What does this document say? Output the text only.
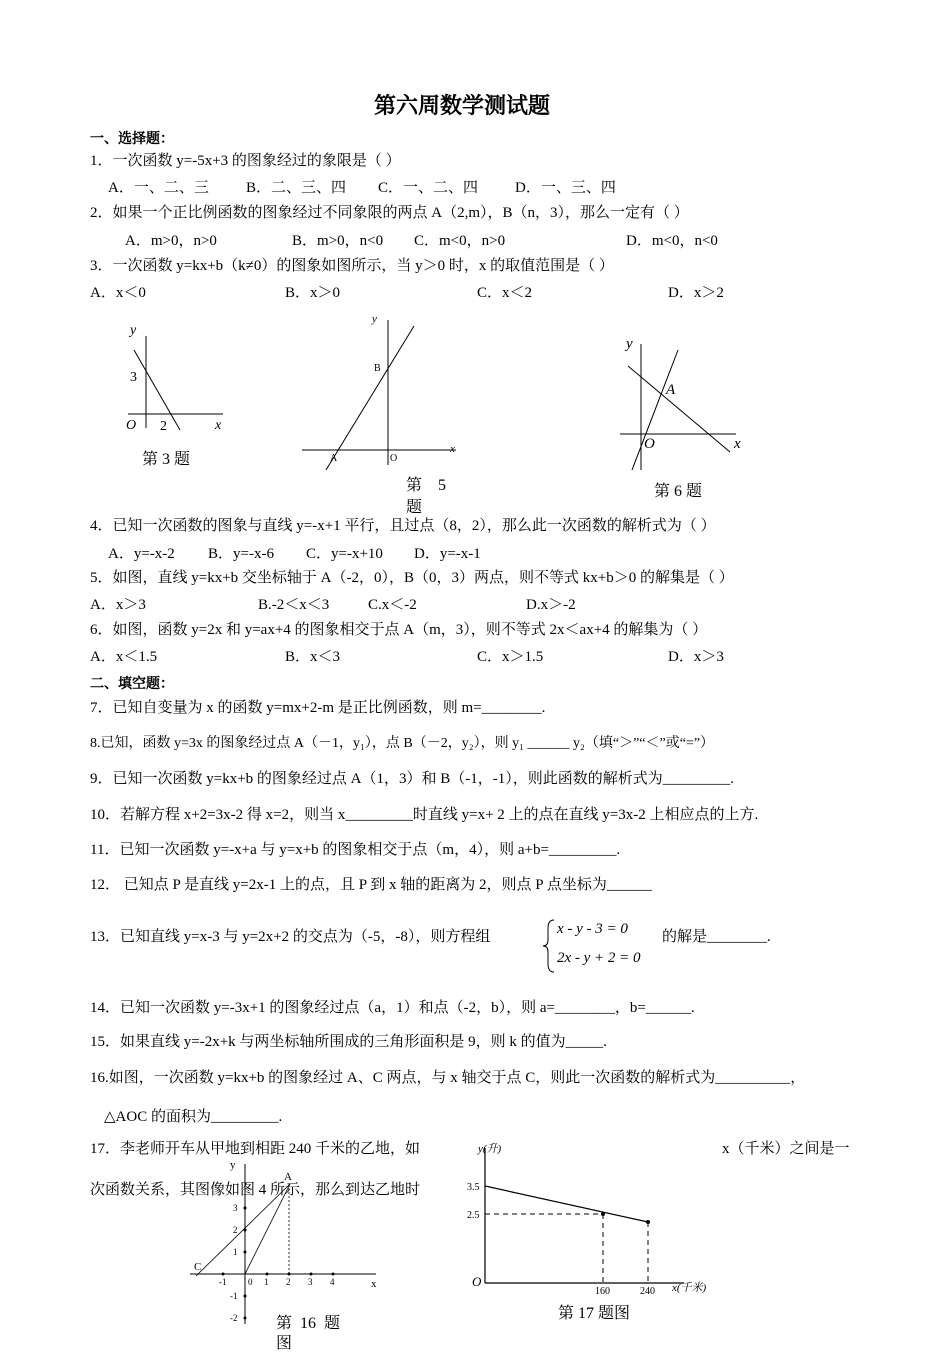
第六周数学测试题
一、选择题：
1．一次函数 y=-5x+3 的图象经过的象限是（ ）
A．一、二、三 B．二、三、四 C．一、二、四 D．一、三、四
2．如果一个正比例函数的图象经过不同象限的两点 A（2,m），B（n，3），那么一定有（ ）
A．m>0，n>0	B．m>0，n<0 C．m<0，n>0	D．m<0，n<0
3．一次函数 y=kx+b（k≠0）的图象如图所示，当 y＞0 时，x 的取值范围是（ ）
A．x＜0	B．x＞0	C．x＜2	D．x＞2
y
x
O
3
2
第 3 题
y
x
O
A
B
第    5
题
y
x
O
A
第 6 题
4．已知一次函数的图象与直线 y=-x+1 平行，且过点（8，2），那么此一次函数的解析式为（ ）
A．y=-x-2 B．y=-x-6 C．y=-x+10 D．y=-x-1
5．如图，直线 y=kx+b 交坐标轴于 A（-2，0），B（0，3）两点，则不等式 kx+b＞0 的解集是（ ）
A．x＞3	B.-2＜x＜3	C.x＜-2	D.x＞-2
6．如图，函数 y=2x 和 y=ax+4 的图象相交于点 A（m，3），则不等式 2x＜ax+4 的解集为（ ）
A．x＜1.5	B．x＜3	C．x＞1.5	D．x＞3
二、填空题：
7．已知自变量为 x 的函数 y=mx+2-m 是正比例函数，则 m=________.
8.已知，函数 y=3x 的图象经过点 A（－1，y₁），点 B（－2，y₂），则 y₁ ______ y₂（填“＞”“＜”或“=”）
9．已知一次函数 y=kx+b 的图象经过点 A（1，3）和 B（-1，-1），则此函数的解析式为_________.
10．若解方程 x+2=3x-2 得 x=2，则当 x_________时直线 y=x+ 2 上的点在直线 y=3x-2 上相应点的上方.
11．已知一次函数 y=-x+a 与 y=x+b 的图象相交于点（m，4），则 a+b=_________.
12． 已知点 P 是直线 y=2x-1 上的点，且 P 到 x 轴的距离为 2，则点 P 点坐标为______
13．已知直线 y=x-3 与 y=2x+2 的交点为（-5，-8），则方程组	x - y - 3 = 0
2x - y + 2 = 0
的解是________.
14．已知一次函数 y=-3x+1 的图象经过点（a，1）和点（-2，b），则 a=________，b=______.
15．如果直线 y=-2x+k 与两坐标轴所围成的三角形面积是 9，则 k 的值为_____.
16.如图，一次函数 y=kx+b 的图象经过 A、C 两点，与 x 轴交于点 C，则此一次函数的解析式为__________，
△AOC 的面积为_________.
17．李老师开车从甲地到相距 240 千米的乙地，如	x（千米）之间是一
次函数关系，其图像如图 4 所示，那么到达乙地时
y
x
A
C
-1 0 1 2 3 4
3
2
1
-1
-2 第  16  题
图
y(升)
x(千米)
O
3.5
2.5
160	240
第 17 题图
